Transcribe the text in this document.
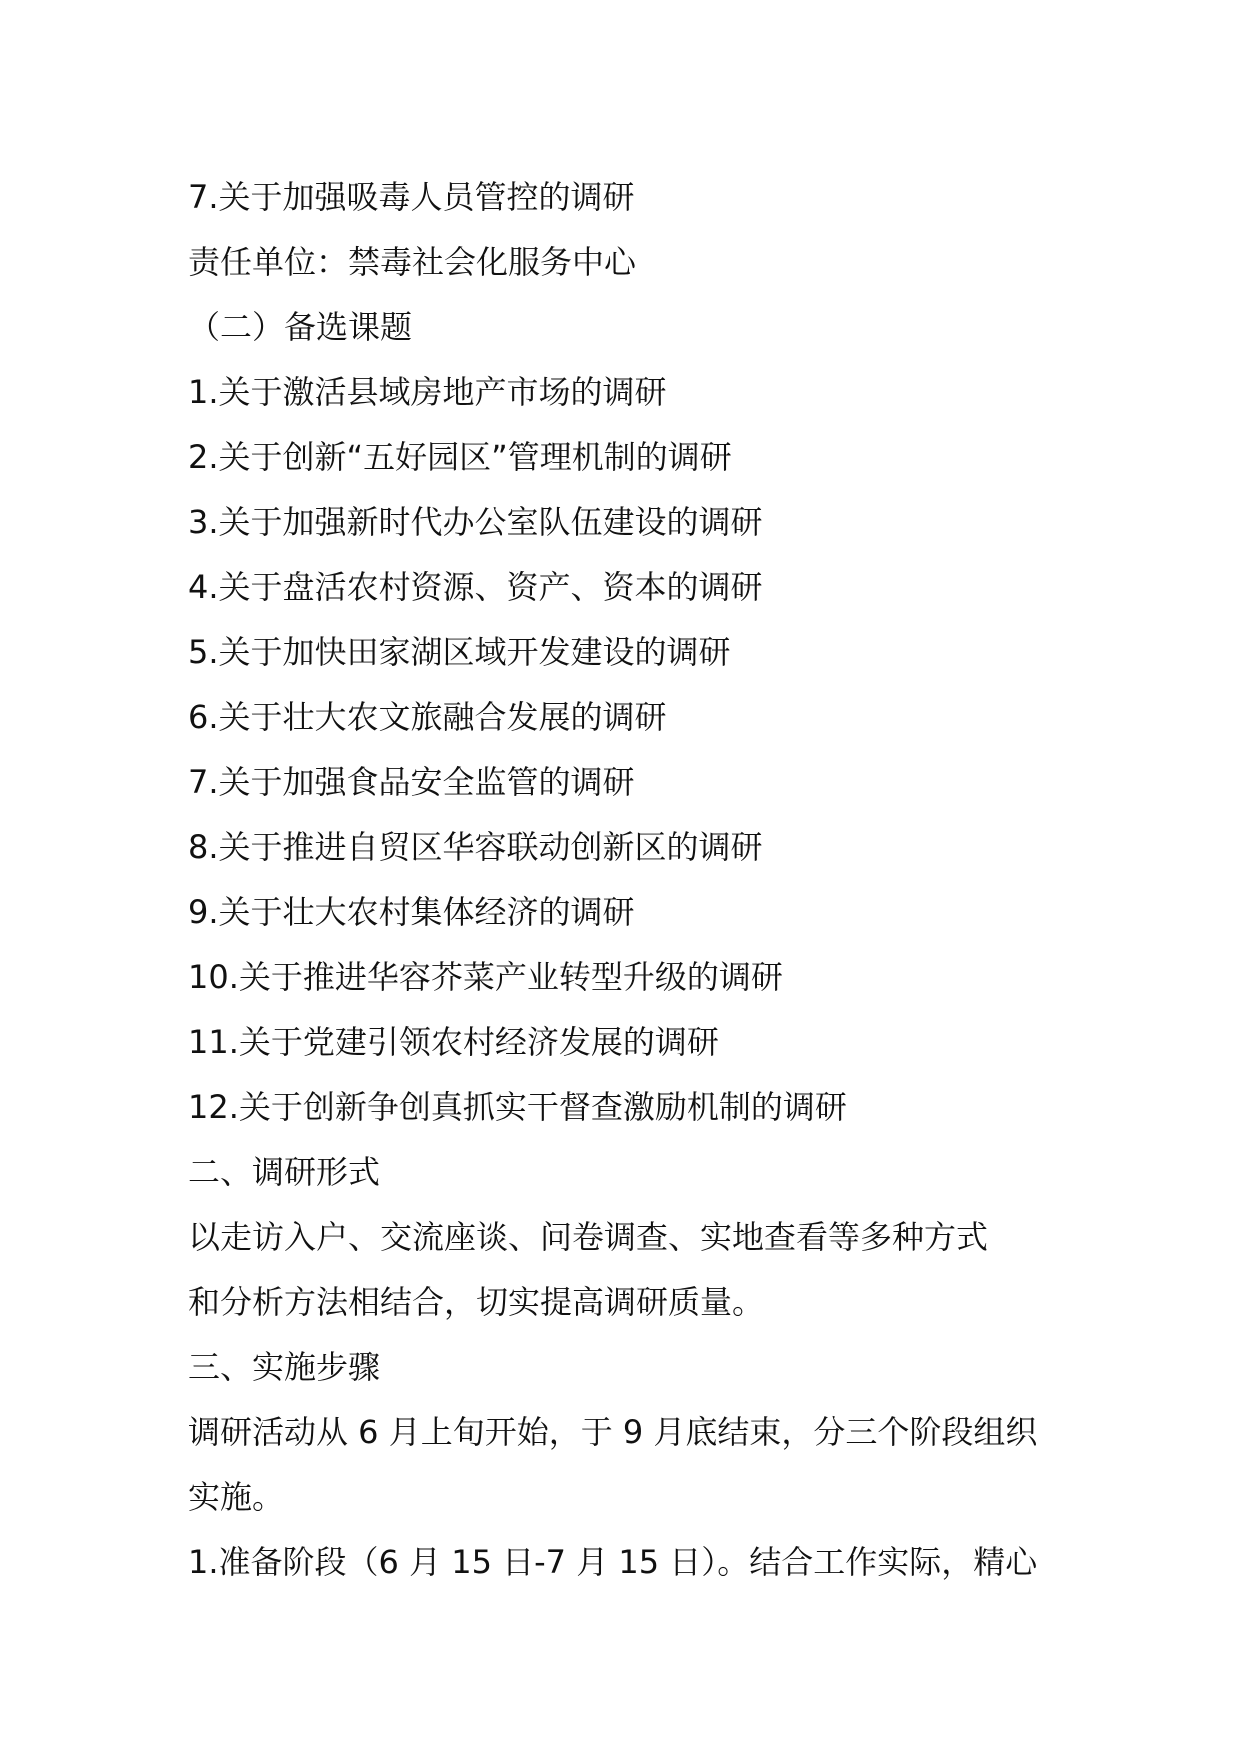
7.关于加强吸毒人员管控的调研
责任单位：禁毒社会化服务中心
（二）备选课题
1.关于激活县域房地产市场的调研
2.关于创新“五好园区”管理机制的调研
3.关于加强新时代办公室队伍建设的调研
4.关于盘活农村资源、资产、资本的调研
5.关于加快田家湖区域开发建设的调研
6.关于壮大农文旅融合发展的调研
7.关于加强食品安全监管的调研
8.关于推进自贸区华容联动创新区的调研
9.关于壮大农村集体经济的调研
10.关于推进华容芥菜产业转型升级的调研
11.关于党建引领农村经济发展的调研
12.关于创新争创真抓实干督查激励机制的调研
二、调研形式
以走访入户、交流座谈、问卷调查、实地查看等多种方式
和分析方法相结合，切实提高调研质量。
三、实施步骤
调研活动从 6 月上旬开始，于 9 月底结束，分三个阶段组织
实施。
1.准备阶段（6 月 15 日-7 月 15 日）。结合工作实际，精心
